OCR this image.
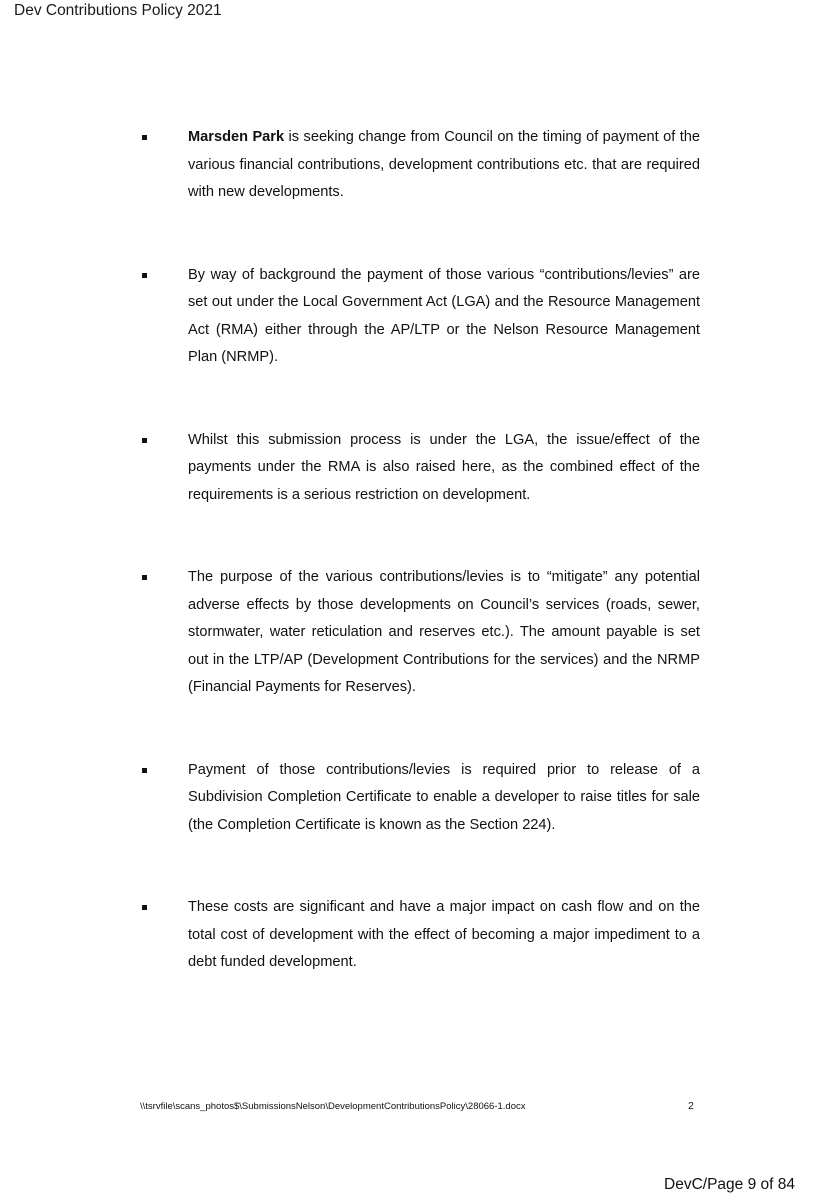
Dev Contributions Policy 2021
Marsden Park is seeking change from Council on the timing of payment of the various financial contributions, development contributions etc. that are required with new developments.
By way of background the payment of those various “contributions/levies” are set out under the Local Government Act (LGA) and the Resource Management Act (RMA) either through the AP/LTP or the Nelson Resource Management Plan (NRMP).
Whilst this submission process is under the LGA, the issue/effect of the payments under the RMA is also raised here, as the combined effect of the requirements is a serious restriction on development.
The purpose of the various contributions/levies is to “mitigate” any potential adverse effects by those developments on Council’s services (roads, sewer, stormwater, water reticulation and reserves etc.). The amount payable is set out in the LTP/AP (Development Contributions for the services) and the NRMP (Financial Payments for Reserves).
Payment of those contributions/levies is required prior to release of a Subdivision Completion Certificate to enable a developer to raise titles for sale (the Completion Certificate is known as the Section 224).
These costs are significant and have a major impact on cash flow and on the total cost of development with the effect of becoming a major impediment to a debt funded development.
\\tsrvfile\scans_photos$\SubmissionsNelson\DevelopmentContributionsPolicy\28066-1.docx	2
DevC/Page 9 of 84
